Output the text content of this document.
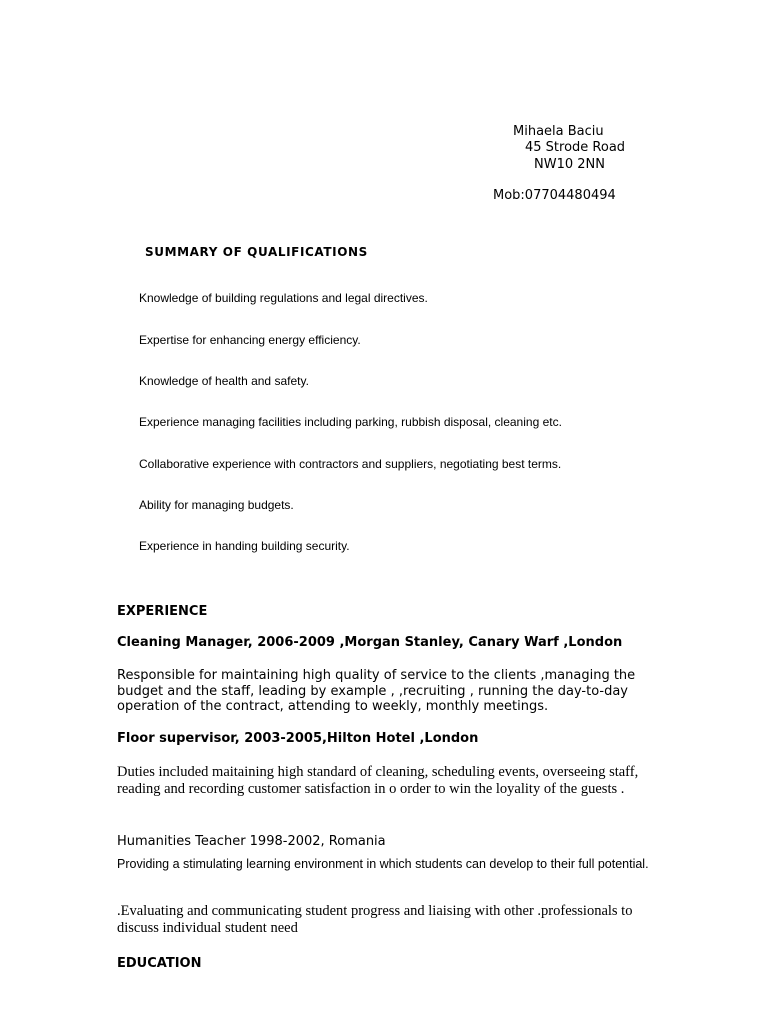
Mihaela Baciu
45 Strode Road
NW10 2NN
Mob:07704480494
SUMMARY OF QUALIFICATIONS
Knowledge of building regulations and legal directives.
Expertise for enhancing energy efficiency.
Knowledge of health and safety.
Experience managing facilities including parking, rubbish disposal, cleaning etc.
Collaborative experience with contractors and suppliers, negotiating best terms.
Ability for managing budgets.
Experience in handing building security.
EXPERIENCE
Cleaning Manager, 2006-2009 ,Morgan Stanley, Canary Warf ,London
Responsible for maintaining high quality of service to the clients ,managing the budget and the staff, leading by example , ,recruiting , running the day-to-day operation of the contract, attending to weekly, monthly meetings.
Floor supervisor, 2003-2005,Hilton Hotel ,London
Duties included maitaining high standard of cleaning, scheduling events, overseeing staff, reading and recording customer satisfaction in o order to win the loyality of the guests .
Humanities Teacher 1998-2002, Romania
Providing a stimulating learning environment in which students can develop to their full potential.
.Evaluating and communicating student progress and liaising with other .professionals to discuss individual student need
EDUCATION
